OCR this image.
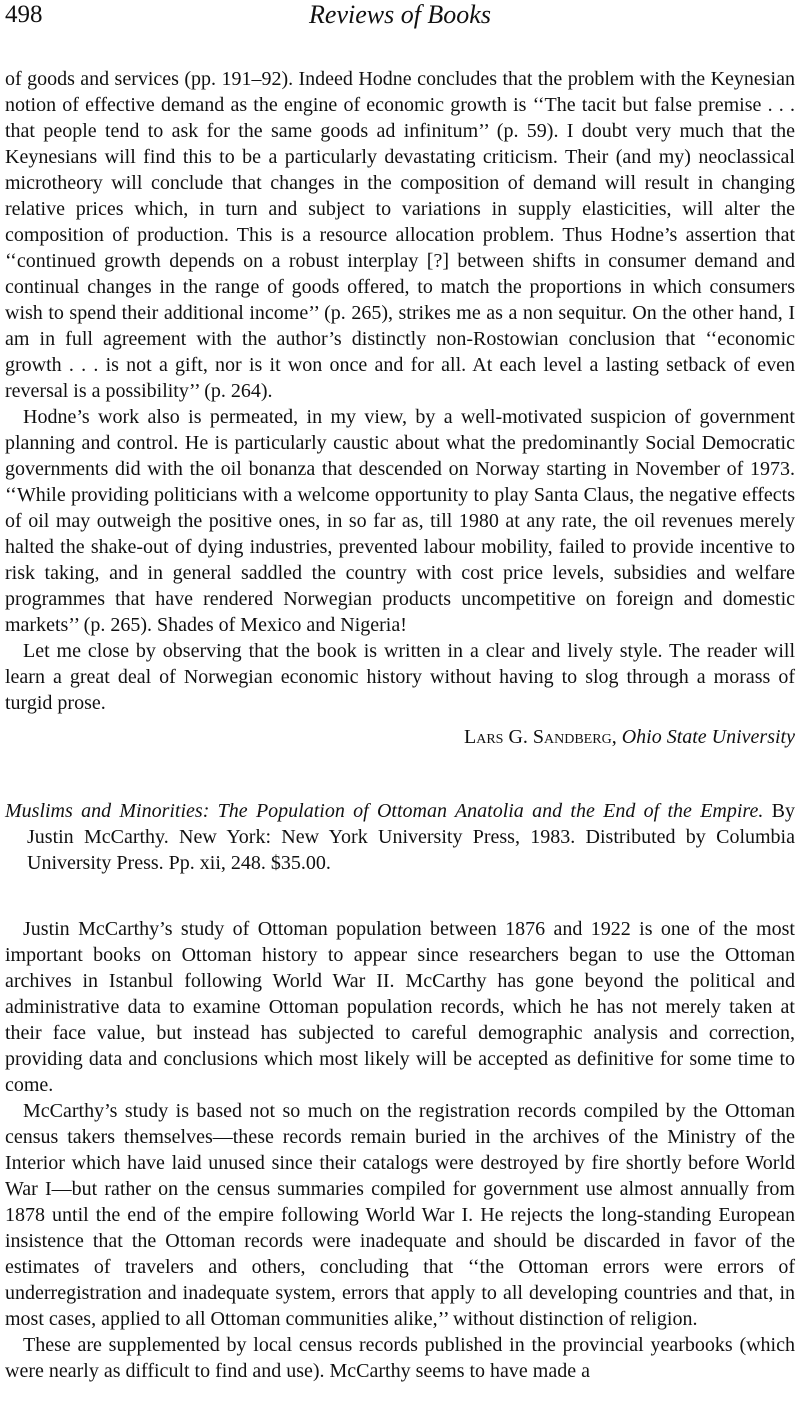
498	Reviews of Books

of goods and services (pp. 191–92). Indeed Hodne concludes that the problem with the Keynesian notion of effective demand as the engine of economic growth is ‘‘The tacit but false premise . . . that people tend to ask for the same goods ad infinitum’’ (p. 59). I doubt very much that the Keynesians will find this to be a particularly devastating criticism. Their (and my) neoclassical microtheory will conclude that changes in the composition of demand will result in changing relative prices which, in turn and subject to variations in supply elasticities, will alter the composition of production. This is a resource allocation problem. Thus Hodne’s assertion that ‘‘continued growth depends on a robust interplay [?] between shifts in consumer demand and continual changes in the range of goods offered, to match the proportions in which consumers wish to spend their additional income’’ (p. 265), strikes me as a non sequitur. On the other hand, I am in full agreement with the author’s distinctly non-Rostowian conclusion that ‘‘economic growth . . . is not a gift, nor is it won once and for all. At each level a lasting setback of even reversal is a possibility’’ (p. 264).

Hodne’s work also is permeated, in my view, by a well-motivated suspicion of government planning and control. He is particularly caustic about what the predominantly Social Democratic governments did with the oil bonanza that descended on Norway starting in November of 1973. ‘‘While providing politicians with a welcome opportunity to play Santa Claus, the negative effects of oil may outweigh the positive ones, in so far as, till 1980 at any rate, the oil revenues merely halted the shake-out of dying industries, prevented labour mobility, failed to provide incentive to risk taking, and in general saddled the country with cost price levels, subsidies and welfare programmes that have rendered Norwegian products uncompetitive on foreign and domestic markets’’ (p. 265). Shades of Mexico and Nigeria!

Let me close by observing that the book is written in a clear and lively style. The reader will learn a great deal of Norwegian economic history without having to slog through a morass of turgid prose.

Lars G. Sandberg, Ohio State University

Muslims and Minorities: The Population of Ottoman Anatolia and the End of the Empire. By Justin McCarthy. New York: New York University Press, 1983. Distributed by Columbia University Press. Pp. xii, 248. $35.00.

Justin McCarthy’s study of Ottoman population between 1876 and 1922 is one of the most important books on Ottoman history to appear since researchers began to use the Ottoman archives in Istanbul following World War II. McCarthy has gone beyond the political and administrative data to examine Ottoman population records, which he has not merely taken at their face value, but instead has subjected to careful demographic analysis and correction, providing data and conclusions which most likely will be accepted as definitive for some time to come.

McCarthy’s study is based not so much on the registration records compiled by the Ottoman census takers themselves—these records remain buried in the archives of the Ministry of the Interior which have laid unused since their catalogs were destroyed by fire shortly before World War I—but rather on the census summaries compiled for government use almost annually from 1878 until the end of the empire following World War I. He rejects the long-standing European insistence that the Ottoman records were inadequate and should be discarded in favor of the estimates of travelers and others, concluding that ‘‘the Ottoman errors were errors of underregistration and inadequate system, errors that apply to all developing countries and that, in most cases, applied to all Ottoman communities alike,’’ without distinction of religion.

These are supplemented by local census records published in the provincial yearbooks (which were nearly as difficult to find and use). McCarthy seems to have made a
